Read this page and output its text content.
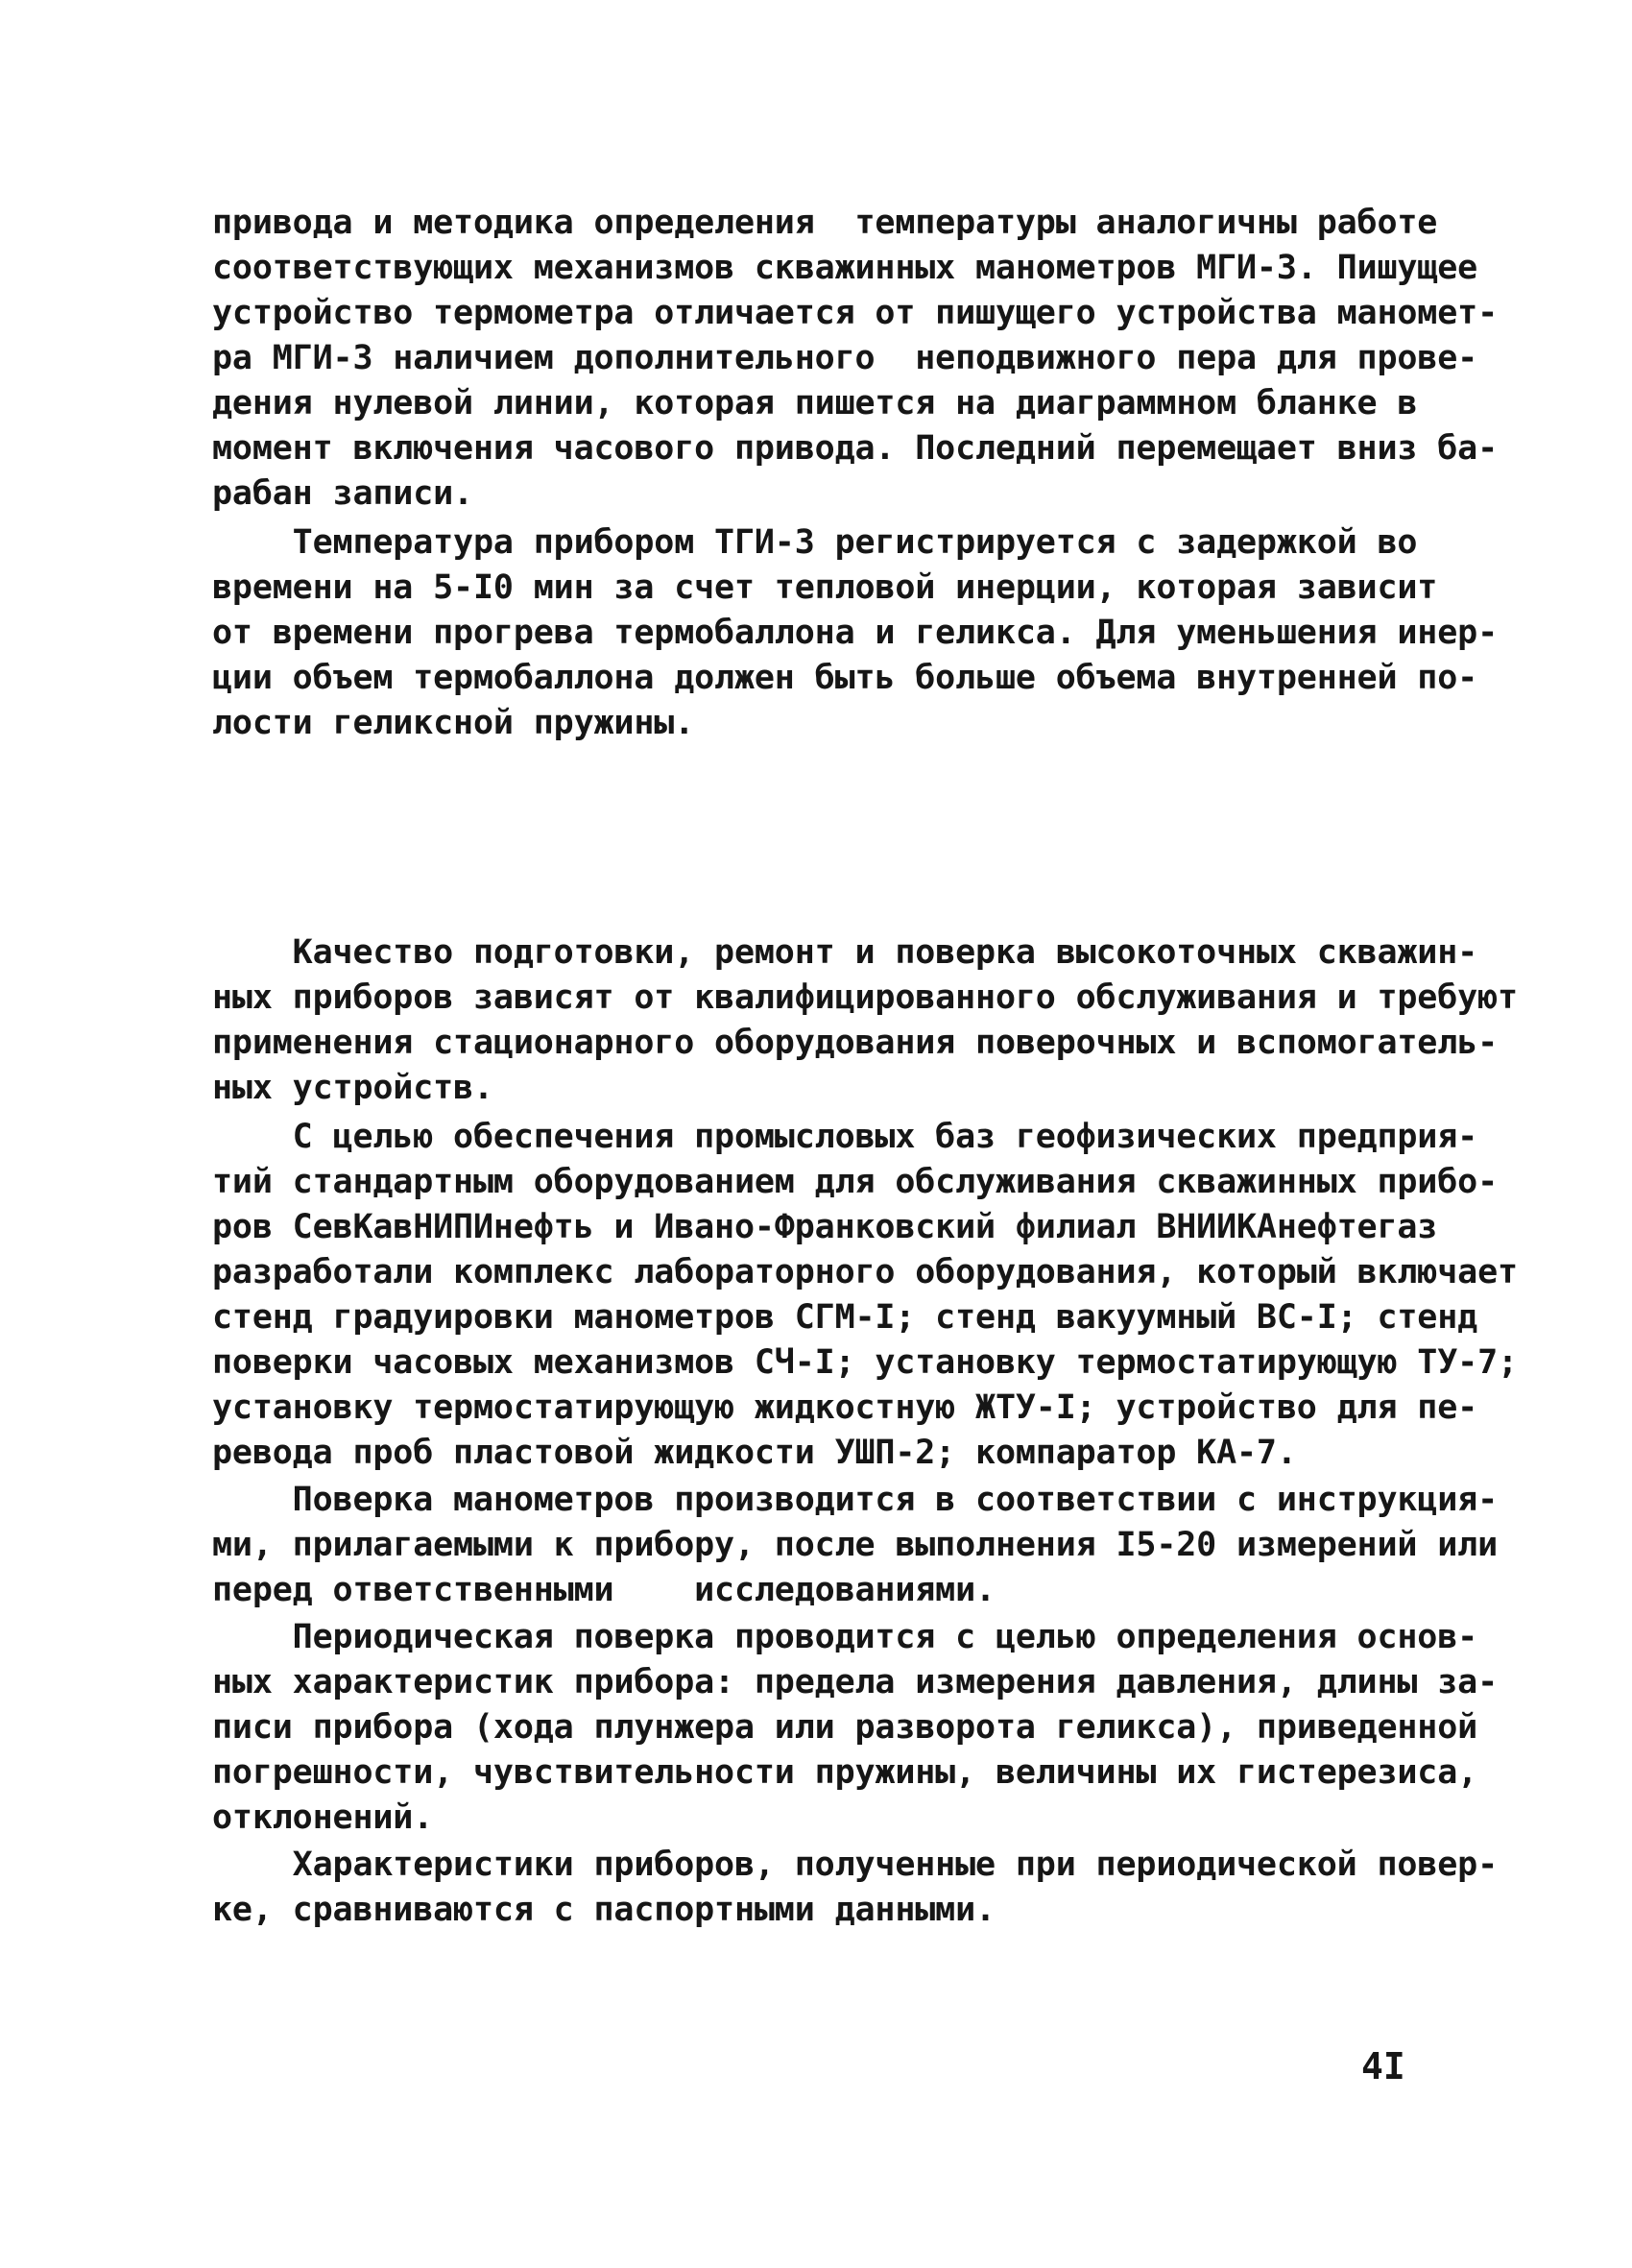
привода и методика определения  температуры аналогичны работе
соответствующих механизмов скважинных манометров МГИ-3. Пишущее
устройство термометра отличается от пишущего устройства маномет-
ра МГИ-3 наличием дополнительного  неподвижного пера для прове-
дения нулевой линии, которая пишется на диаграммном бланке в
момент включения часового привода. Последний перемещает вниз ба-
рабан записи.
Температура прибором ТГИ-3 регистрируется с задержкой во
времени на 5-I0 мин за счет тепловой инерции, которая зависит
от времени прогрева термобаллона и геликса. Для уменьшения инер-
ции объем термобаллона должен быть больше объема внутренней по-
лости геликсной пружины.
Качество подготовки, ремонт и поверка высокоточных скважин-
ных приборов зависят от квалифицированного обслуживания и требуют
применения стационарного оборудования поверочных и вспомогатель-
ных устройств.
С целью обеспечения промысловых баз геофизических предприя-
тий стандартным оборудованием для обслуживания скважинных прибо-
ров СевКавНИПИнефть и Ивано-Франковский филиал ВНИИКАнефтегаз
разработали комплекс лабораторного оборудования, который включает
стенд градуировки манометров СГМ-I; стенд вакуумный ВС-I; стенд
поверки часовых механизмов СЧ-I; установку термостатирующую ТУ-7;
установку термостатирующую жидкостную ЖТУ-I; устройство для пе-
ревода проб пластовой жидкости УШП-2; компаратор КА-7.
Поверка манометров производится в соответствии с инструкция-
ми, прилагаемыми к прибору, после выполнения I5-20 измерений или
перед ответственными    исследованиями.
Периодическая поверка проводится с целью определения основ-
ных характеристик прибора: предела измерения давления, длины за-
писи прибора (хода плунжера или разворота геликса), приведенной
погрешности, чувствительности пружины, величины их гистерезиса,
отклонений.
Характеристики приборов, полученные при периодической повер-
ке, сравниваются с паспортными данными.
4I
